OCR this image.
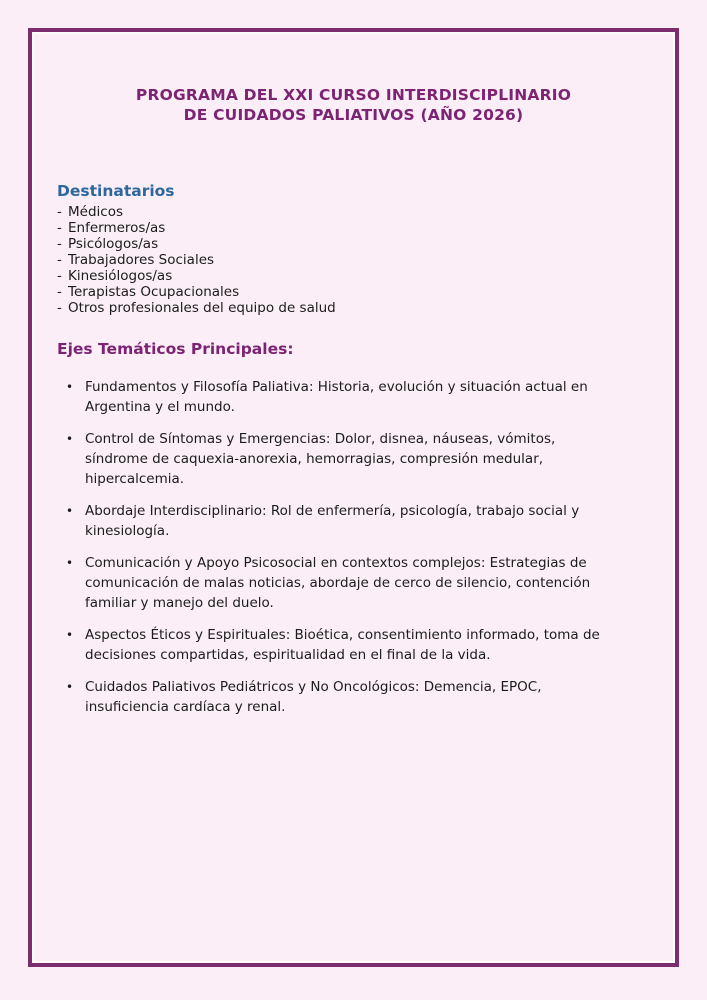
PROGRAMA DEL XXI CURSO INTERDISCIPLINARIO
DE CUIDADOS PALIATIVOS (AÑO 2026)
Destinatarios
- Médicos
- Enfermeros/as
- Psicólogos/as
- Trabajadores Sociales
- Kinesiólogos/as
- Terapistas Ocupacionales
- Otros profesionales del equipo de salud
Ejes Temáticos Principales:
• Fundamentos y Filosofía Paliativa: Historia, evolución y situación actual en Argentina y el mundo.
• Control de Síntomas y Emergencias: Dolor, disnea, náuseas, vómitos, síndrome de caquexia-anorexia, hemorragias, compresión medular, hipercalcemia.
• Abordaje Interdisciplinario: Rol de enfermería, psicología, trabajo social y kinesiología.
• Comunicación y Apoyo Psicosocial en contextos complejos: Estrategias de comunicación de malas noticias, abordaje de cerco de silencio, contención familiar y manejo del duelo.
• Aspectos Éticos y Espirituales: Bioética, consentimiento informado, toma de decisiones compartidas, espiritualidad en el final de la vida.
• Cuidados Paliativos Pediátricos y No Oncológicos: Demencia, EPOC, insuficiencia cardíaca y renal.
